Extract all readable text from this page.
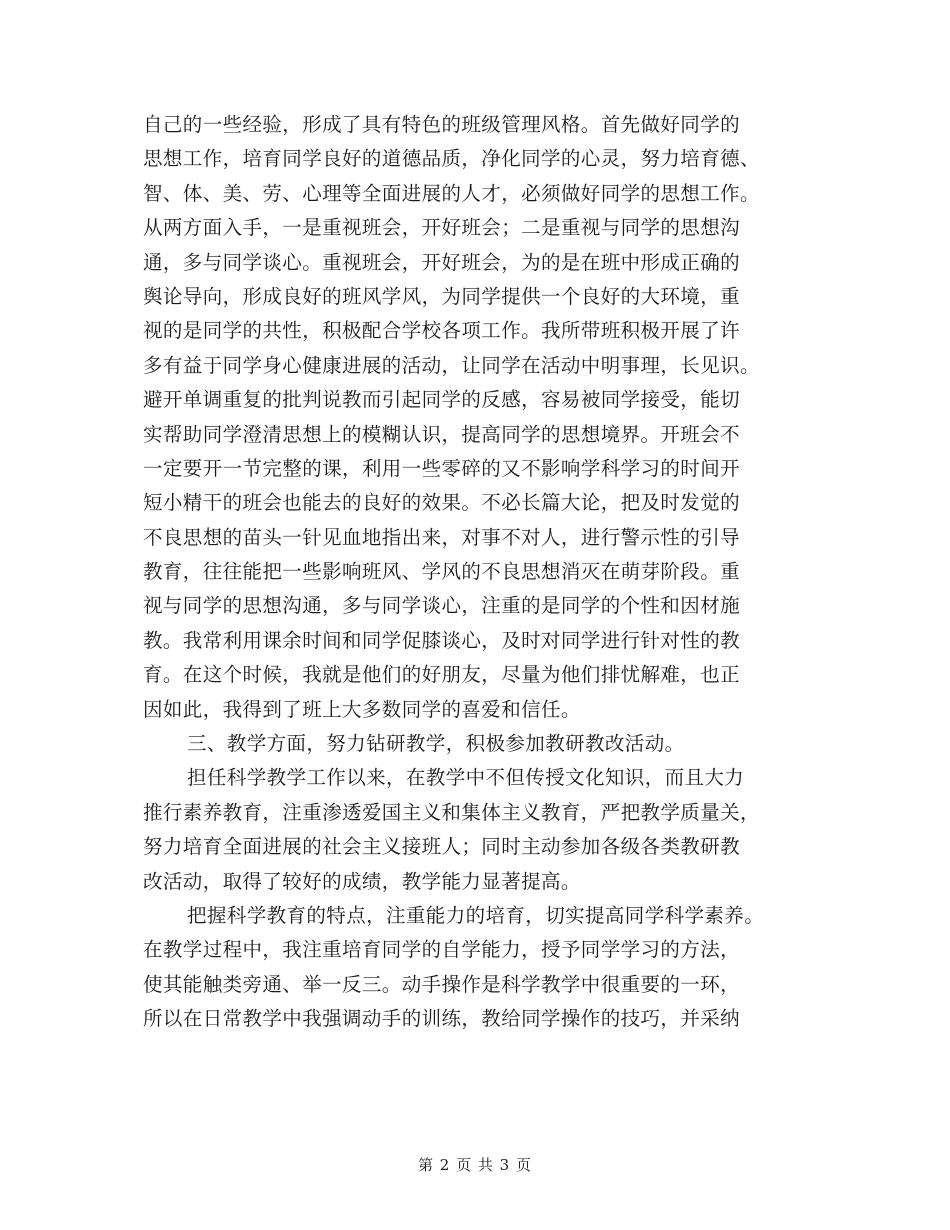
自己的一些经验，形成了具有特色的班级管理风格。首先做好同学的
思想工作，培育同学良好的道德品质，净化同学的心灵，努力培育德、
智、体、美、劳、心理等全面进展的人才，必须做好同学的思想工作。
从两方面入手，一是重视班会，开好班会；二是重视与同学的思想沟
通，多与同学谈心。重视班会，开好班会，为的是在班中形成正确的
舆论导向，形成良好的班风学风，为同学提供一个良好的大环境，重
视的是同学的共性，积极配合学校各项工作。我所带班积极开展了许
多有益于同学身心健康进展的活动，让同学在活动中明事理，长见识。
避开单调重复的批判说教而引起同学的反感，容易被同学接受，能切
实帮助同学澄清思想上的模糊认识，提高同学的思想境界。开班会不
一定要开一节完整的课，利用一些零碎的又不影响学科学习的时间开
短小精干的班会也能去的良好的效果。不必长篇大论，把及时发觉的
不良思想的苗头一针见血地指出来，对事不对人，进行警示性的引导
教育，往往能把一些影响班风、学风的不良思想消灭在萌芽阶段。重
视与同学的思想沟通，多与同学谈心，注重的是同学的个性和因材施
教。我常利用课余时间和同学促膝谈心，及时对同学进行针对性的教
育。在这个时候，我就是他们的好朋友，尽量为他们排忧解难，也正
因如此，我得到了班上大多数同学的喜爱和信任。
三、教学方面，努力钻研教学，积极参加教研教改活动。
担任科学教学工作以来，在教学中不但传授文化知识，而且大力
推行素养教育，注重渗透爱国主义和集体主义教育，严把教学质量关，
努力培育全面进展的社会主义接班人；同时主动参加各级各类教研教
改活动，取得了较好的成绩，教学能力显著提高。
把握科学教育的特点，注重能力的培育，切实提高同学科学素养。
在教学过程中，我注重培育同学的自学能力，授予同学学习的方法，
使其能触类旁通、举一反三。动手操作是科学教学中很重要的一环，
所以在日常教学中我强调动手的训练，教给同学操作的技巧，并采纳
第 2 页 共 3 页
